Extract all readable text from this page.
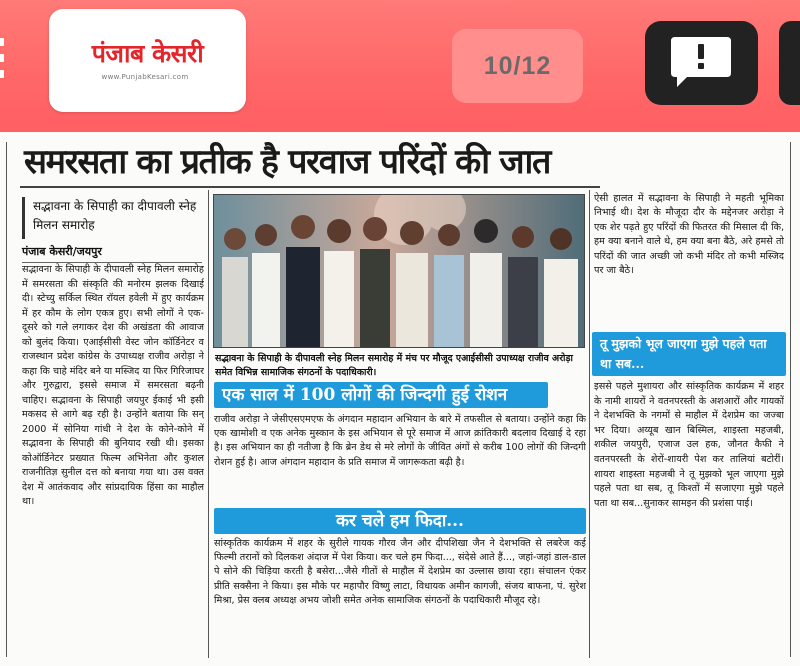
पंजाब केसरी
www.PunjabKesari.com	10/12
समरसता का प्रतीक है परवाज परिंदों की जात
सद्भावना के सिपाही का दीपावली स्नेह मिलन समारोह
पंजाब केसरी/जयपुर
सद्भावना के सिपाही के दीपावली स्नेह मिलन समारोह में समरसता की संस्कृति की मनोरम झलक दिखाई दी। स्टेच्यु सर्किल स्थित रॉयल हवेली में हुए कार्यक्रम में हर कौम के लोग एकत्र हुए। सभी लोगों ने एक-दूसरे को गले लगाकर देश की अखंडता की आवाज को बुलंद किया। एआईसीसी वेस्ट जोन कॉर्डिनेटर व राजस्थान प्रदेश कांग्रेस के उपाध्यक्ष राजीव अरोड़ा ने कहा कि चाहे मंदिर बने या मस्जिद या फिर गिरिजाघर और गुरुद्वारा, इससे समाज में समरसता बढ़नी चाहिए। सद्भावना के सिपाही जयपुर ईकाई भी इसी मकसद से आगे बढ़ रही है। उन्होंने बताया कि सन् 2000 में सोनिया गांधी ने देश के कोने-कोने में सद्भावना के सिपाही की बुनियाद रखी थी। इसका कोऑर्डिनेटर प्रख्यात फिल्म अभिनेता और कुशल राजनीतिज्ञ सुनील दत्त को बनाया गया था। उस वक्त देश में आतंकवाद और सांप्रदायिक हिंसा का माहौल था।
सद्भावना के सिपाही के दीपावली स्नेह मिलन समारोह में मंच पर मौजूद एआईसीसी उपाध्यक्ष राजीव अरोड़ा समेत विभिन्न सामाजिक संगठनों के पदाधिकारी।
एक साल में 100 लोगों की जिन्दगी हुई रोशन
राजीव अरोड़ा ने जेसीएसएमएफ के अंगदान महादान अभियान के बारे में तफसील से बताया। उन्होंने कहा कि एक खामोशी व एक अनेक मुस्कान के इस अभियान से पूरे समाज में आज क्रांतिकारी बदलाव दिखाई दे रहा है। इस अभियान का ही नतीजा है कि ब्रेन डेथ से मरे लोगों के जीवित अंगों से करीब 100 लोगों की जिन्दगी रोशन हुई है। आज अंगदान महादान के प्रति समाज में जागरूकता बढ़ी है।
कर चले हम फिदा...
सांस्कृतिक कार्यक्रम में शहर के सुरीले गायक गौरव जैन और दीपशिखा जैन ने देशभक्ति से लबरेज कई फिल्मी तरानों को दिलकश अंदाज में पेश किया। कर चले हम फिदा..., संदेसे आते हैं..., जहां-जहां डाल-डाल पे सोने की चिड़िया करती है बसेरा...जैसे गीतों से माहौल में देशप्रेम का उल्लास छाया रहा। संचालन एंकर प्रीति सक्सैना ने किया। इस मौके पर महापौर विष्णु लाटा, विधायक अमीन कागजी, संजय बाफना, पं. सुरेश मिश्रा, प्रेस क्लब अध्यक्ष अभय जोशी समेत अनेक सामाजिक संगठनों के पदाधिकारी मौजूद रहे।
ऐसी हालत में सद्भावना के सिपाही ने महती भूमिका निभाई थी। देश के मौजूदा दौर के मद्देनजर अरोड़ा ने एक शेर पढ़ते हुए परिंदों की फितरत की मिसाल दी कि, हम क्या बनाने वाले थे, हम क्या बना बैठे, अरे हमसे तो परिंदों की जात अच्छी जो कभी मंदिर तो कभी मस्जिद पर जा बैठे।
तू मुझको भूल जाएगा मुझे पहले पता था सब...
इससे पहले मुशायरा और सांस्कृतिक कार्यक्रम में शहर के नामी शायरों ने वतनपरस्ती के अशआरों और गायकों ने देशभक्ति के नगमों से माहौल में देशप्रेम का जज्बा भर दिया। अय्यूब खान बिस्मिल, शाइस्ता महजबी, शकील जयपुरी, एजाज उल हक, जौनत कैफी ने वतनपरस्ती के शेरों-शायरी पेश कर तालियां बटोरीं। शायरा शाइस्ता महजबी ने तू मुझको भूल जाएगा मुझे पहले पता था सब, तू किश्तों में सजाएगा मुझे पहले पता था सब...सुनाकर सामइन की प्रशंसा पाई।
